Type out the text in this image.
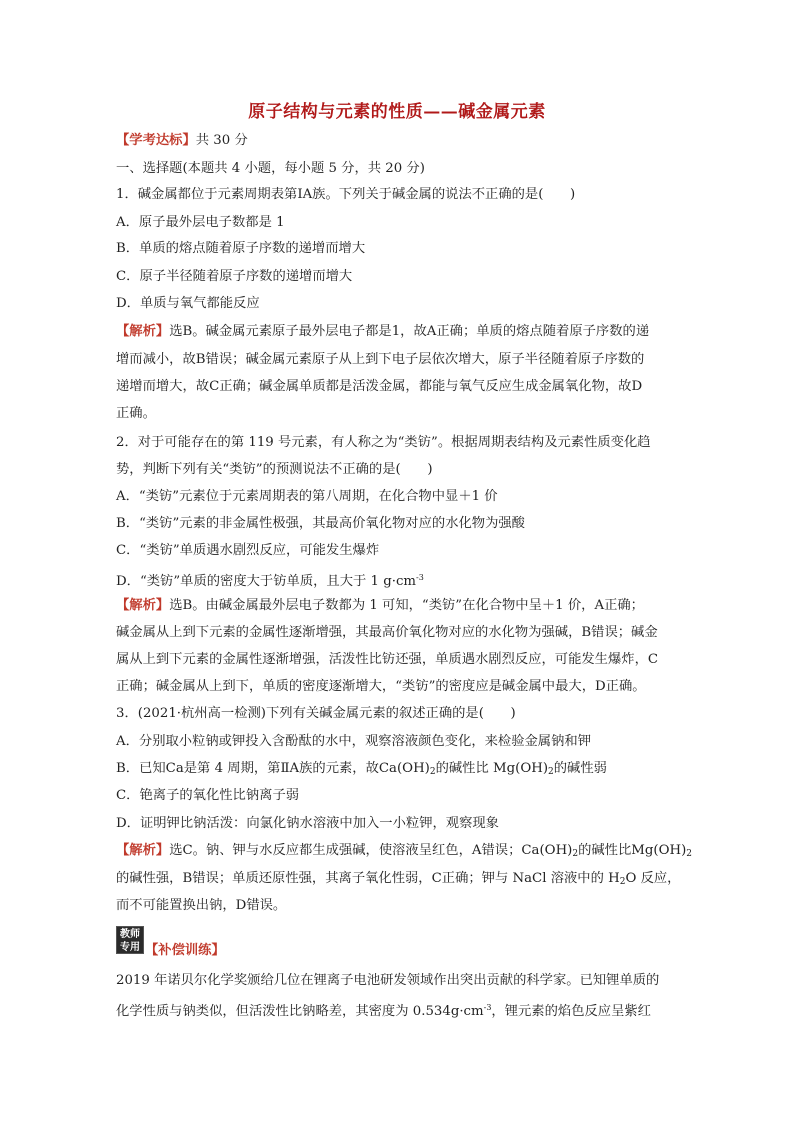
原子结构与元素的性质——碱金属元素
【学考达标】共 30 分
一、选择题(本题共 4 小题，每小题 5 分，共 20 分)
1．碱金属都位于元素周期表第ⅠA族。下列关于碱金属的说法不正确的是(　　)
A．原子最外层电子数都是 1
B．单质的熔点随着原子序数的递增而增大
C．原子半径随着原子序数的递增而增大
D．单质与氧气都能反应
【解析】选B。碱金属元素原子最外层电子都是1，故A正确；单质的熔点随着原子序数的递
增而减小，故B错误；碱金属元素原子从上到下电子层依次增大，原子半径随着原子序数的
递增而增大，故C正确；碱金属单质都是活泼金属，都能与氧气反应生成金属氧化物，故D
正确。
2．对于可能存在的第 119 号元素，有人称之为“类钫”。根据周期表结构及元素性质变化趋
势，判断下列有关“类钫”的预测说法不正确的是(　　)
A．“类钫”元素位于元素周期表的第八周期，在化合物中显＋1 价
B．“类钫”元素的非金属性极强，其最高价氧化物对应的水化物为强酸
C．“类钫”单质遇水剧烈反应，可能发生爆炸
D．“类钫”单质的密度大于钫单质，且大于 1 $g\cdot cm^{-3}$
【解析】选B。由碱金属最外层电子数都为 1 可知，“类钫”在化合物中呈＋1 价，A正确；
碱金属从上到下元素的金属性逐渐增强，其最高价氧化物对应的水化物为强碱，B错误；碱金
属从上到下元素的金属性逐渐增强，活泼性比钫还强，单质遇水剧烈反应，可能发生爆炸，C
正确；碱金属从上到下，单质的密度逐渐增大，“类钫”的密度应是碱金属中最大，D正确。
3．(2021·杭州高一检测)下列有关碱金属元素的叙述正确的是(　　)
A．分别取小粒钠或钾投入含酚酞的水中，观察溶液颜色变化，来检验金属钠和钾
B．已知Ca是第 4 周期，第ⅡA族的元素，故$Ca(OH)_2$的碱性比 $Mg(OH)_2$的碱性弱
C．铯离子的氧化性比钠离子弱
D．证明钾比钠活泼：向氯化钠水溶液中加入一小粒钾，观察现象
【解析】选C。钠、钾与水反应都生成强碱，使溶液呈红色，A错误；$Ca(OH)_2$的碱性比$Mg(OH)_2$
的碱性强，B错误；单质还原性强，其离子氧化性弱，C正确；钾与 NaCl 溶液中的 $H_2O$ 反应，
而不可能置换出钠，D错误。
教师
专用 【补偿训练】
2019 年诺贝尔化学奖颁给几位在锂离子电池研发领域作出突出贡献的科学家。已知锂单质的
化学性质与钠类似，但活泼性比钠略差，其密度为 $0.534g\cdot cm^{-3}$，锂元素的焰色反应呈紫红
